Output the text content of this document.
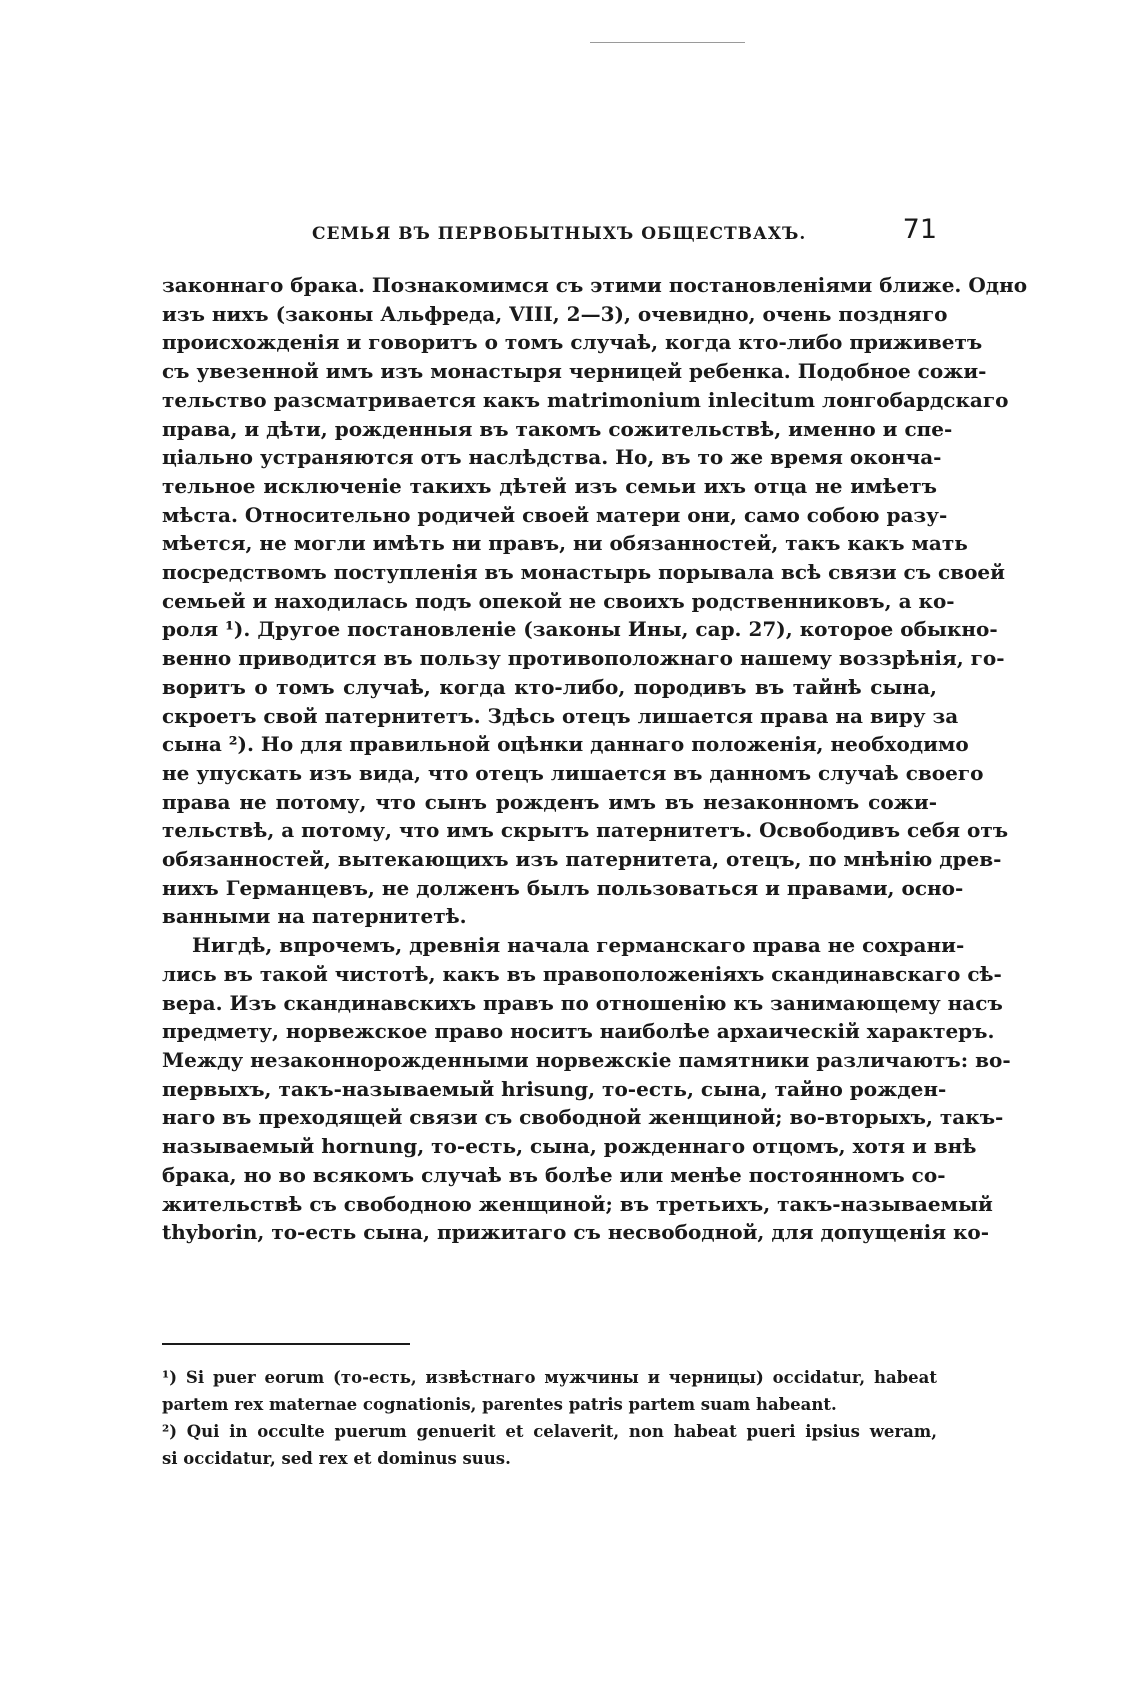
СЕМЬЯ ВЪ ПЕРВОБЫТНЫХЪ ОБЩЕСТВАХЪ.	71
законнаго брака. Познакомимся съ этими постановленіями ближе. Одно
изъ нихъ (законы Альфреда, VIII, 2—3), очевидно, очень поздняго
происхожденія и говоритъ о томъ случаѣ, когда кто-либо приживетъ
съ увезенной имъ изъ монастыря черницей ребенка. Подобное сожи-
тельство разсматривается какъ matrimonium inlecitum лонгобардскаго
права, и дѣти, рожденныя въ такомъ сожительствѣ, именно и спе-
ціально устраняются отъ наслѣдства. Но, въ то же время оконча-
тельное исключеніе такихъ дѣтей изъ семьи ихъ отца не имѣетъ
мѣста. Относительно родичей своей матери они, само собою разу-
мѣется, не могли имѣть ни правъ, ни обязанностей, такъ какъ мать
посредствомъ поступленія въ монастырь порывала всѣ связи съ своей
семьей и находилась подъ опекой не своихъ родственниковъ, а ко-
роля ¹). Другое постановленіе (законы Ины, cap. 27), которое обыкно-
венно приводится въ пользу противоположнаго нашему воззрѣнія, го-
воритъ о томъ случаѣ, когда кто-либо, породивъ въ тайнѣ сына,
скроетъ свой патернитетъ. Здѣсь отецъ лишается права на виру за
сына ²). Но для правильной оцѣнки даннаго положенія, необходимо
не упускать изъ вида, что отецъ лишается въ данномъ случаѣ своего
права не потому, что сынъ рожденъ имъ въ незаконномъ сожи-
тельствѣ, а потому, что имъ скрытъ патернитетъ. Освободивъ себя отъ
обязанностей, вытекающихъ изъ патернитета, отецъ, по мнѣнію древ-
нихъ Германцевъ, не долженъ былъ пользоваться и правами, осно-
ванными на патернитетѣ.
Нигдѣ, впрочемъ, древнія начала германскаго права не сохрани-
лись въ такой чистотѣ, какъ въ правоположеніяхъ скандинавскаго сѣ-
вера. Изъ скандинавскихъ правъ по отношенію къ занимающему насъ
предмету, норвежское право носитъ наиболѣе архаическій характеръ.
Между незаконнорожденными норвежскіе памятники различаютъ: во-
первыхъ, такъ-называемый hrisung, то-есть, сына, тайно рожден-
наго въ преходящей связи съ свободной женщиной; во-вторыхъ, такъ-
называемый hornung, то-есть, сына, рожденнаго отцомъ, хотя и внѣ
брака, но во всякомъ случаѣ въ болѣе или менѣе постоянномъ со-
жительствѣ съ свободною женщиной; въ третьихъ, такъ-называемый
thyborin, то-есть сына, прижитаго съ несвободной, для допущенія ко-
¹) Si puer eorum (то-есть, извѣстнаго мужчины и черницы) occidatur, habeat
partem rex maternae cognationis, parentes patris partem suam habeant.
²) Qui in occulte puerum genuerit et celaverit, non habeat pueri ipsius weram,
si occidatur, sed rex et dominus suus.
